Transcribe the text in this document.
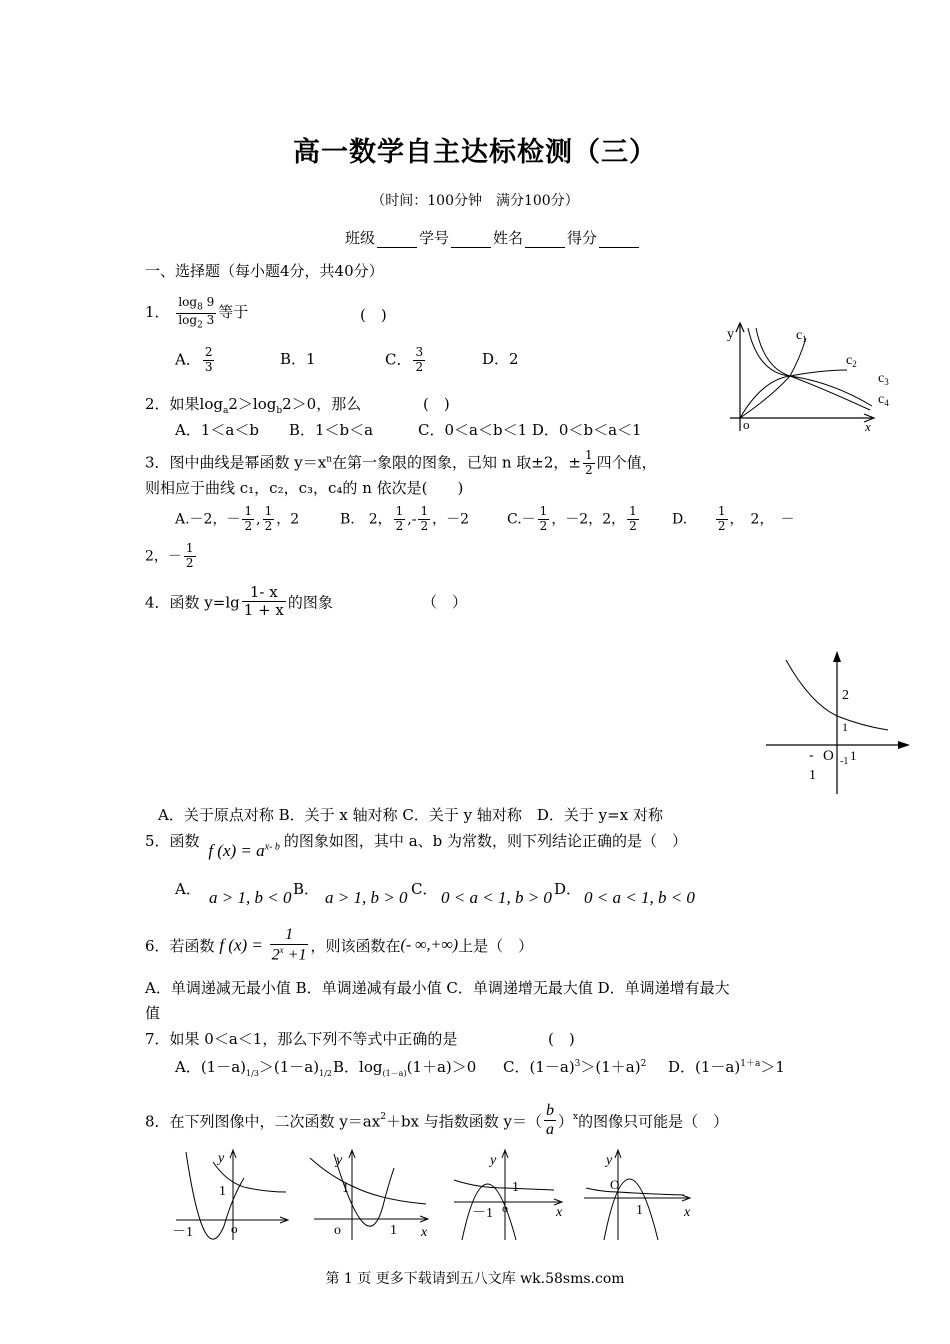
高一数学自主达标检测（三）
（时间：100分钟　满分100分）
班级	学号	姓名	得分
一、选择题（每小题4分，共40分）
1． $\frac{\log_8 9}{\log_2 3}$ 等于	(　)
A． $\frac{2}{3}$	B．1	C． $\frac{3}{2}$	D．2
2．如果$\log_a2>\log_b2>0$，那么	(　)
A．1＜a＜b　　B．1＜b＜a　　　C．0＜a＜b＜1 D．0＜b＜a＜1
3．图中曲线是幂函数 $y=x^n$在第一象限的图象，已知 n 取±2，± $\frac{1}{2}$ 四个值，
则相应于曲线 c₁，c₂，c₃，c₄的 n 依次是(　　)
A.－2，－ $\frac{1}{2}$ , $\frac{1}{2}$ ，2	B.　2， $\frac{1}{2}$ ,- $\frac{1}{2}$ ，－2	$C.- \frac{1}{2}$ ，－2，2， $\frac{1}{2} D$. $\frac{1}{2}$ ，　2，　－
2，－ $\frac{1}{2}$
y
x
o
$c_1$
$c_2$
$c_3$
$c_4$
4．函数 $y=\lg \frac{1- x}{1 + x}$ 的图象	（　）
2
1
- O -1 1
1
A．关于原点对称 B．关于 x 轴对称 C．关于 y 轴对称　D．关于 y=x 对称
5．函数 f $(x) = a^{x- b}$ 的图象如图，其中 a、b 为常数，则下列结论正确的是（　）
A． a > 1, b < 0 B． a > 1, b > 0 C． 0 < a < 1, b > 0 D． 0 < a < 1, b < 0
6．若函数 f $(x) = \frac{1}{2^x +1}$ ，则该函数在(- ∞,+∞)上是（　）
A．单调递减无最小值 B．单调递减有最小值 C．单调递增无最大值 D．单调递增有最大
值
7．如果 0＜a＜1，那么下列不等式中正确的是	(　)
A．$(1-a)_{1/3}>(1-a)_{1/2}B$．$\log_{(1-a)}(1+a)>0$ C．$(1-a)^3>(1+a)^2$ D．$(1-a)^{1+a}>1$
8．在下列图像中，二次函数 $y=ax^2+bx$ 与指数函数 $y=( \frac{b}{a} )^x$的图像只可能是（　）
y
1
－1	o
y
1
o	1 x
y
1
－1 o	x
y
O
1	x
第 1 页 更多下载请到五八文库 wk.58sms.com
